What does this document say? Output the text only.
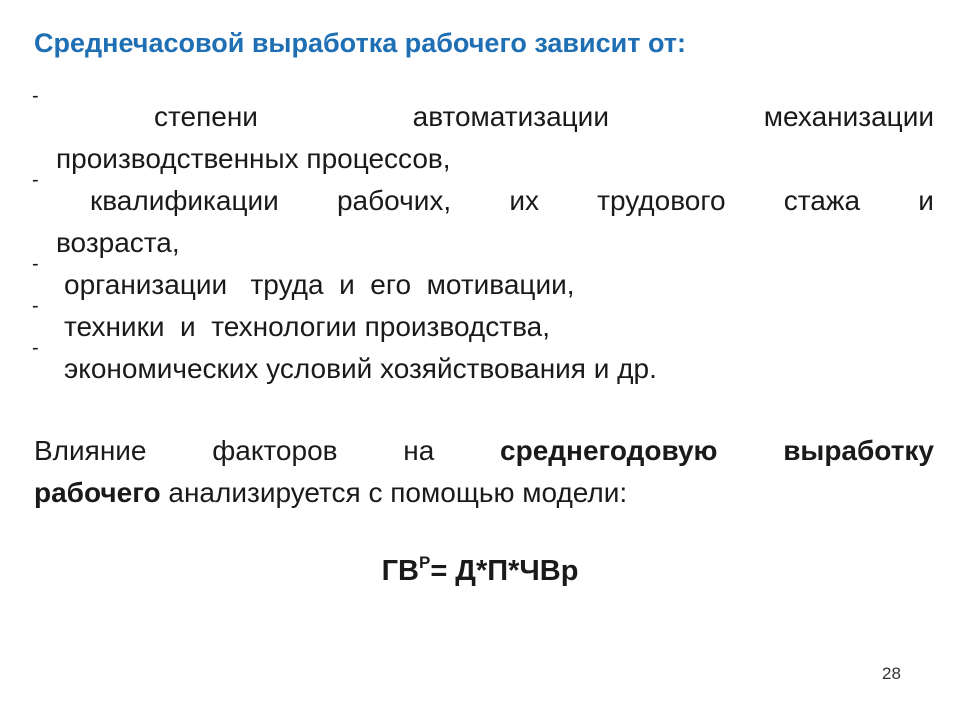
Среднечасовой выработка рабочего зависит от:
-
степени	автоматизации	механизации
производственных процессов,
-
квалификации рабочих, их трудового стажа и
возраста,
-
организации   труда  и  его  мотивации,
-
техники  и  технологии производства,
-
экономических условий хозяйствования и др.
Влияние факторов на среднегодовую выработку
рабочего анализируется с помощью модели:
$ГВ^Р= Д*П*ЧВр$
28
